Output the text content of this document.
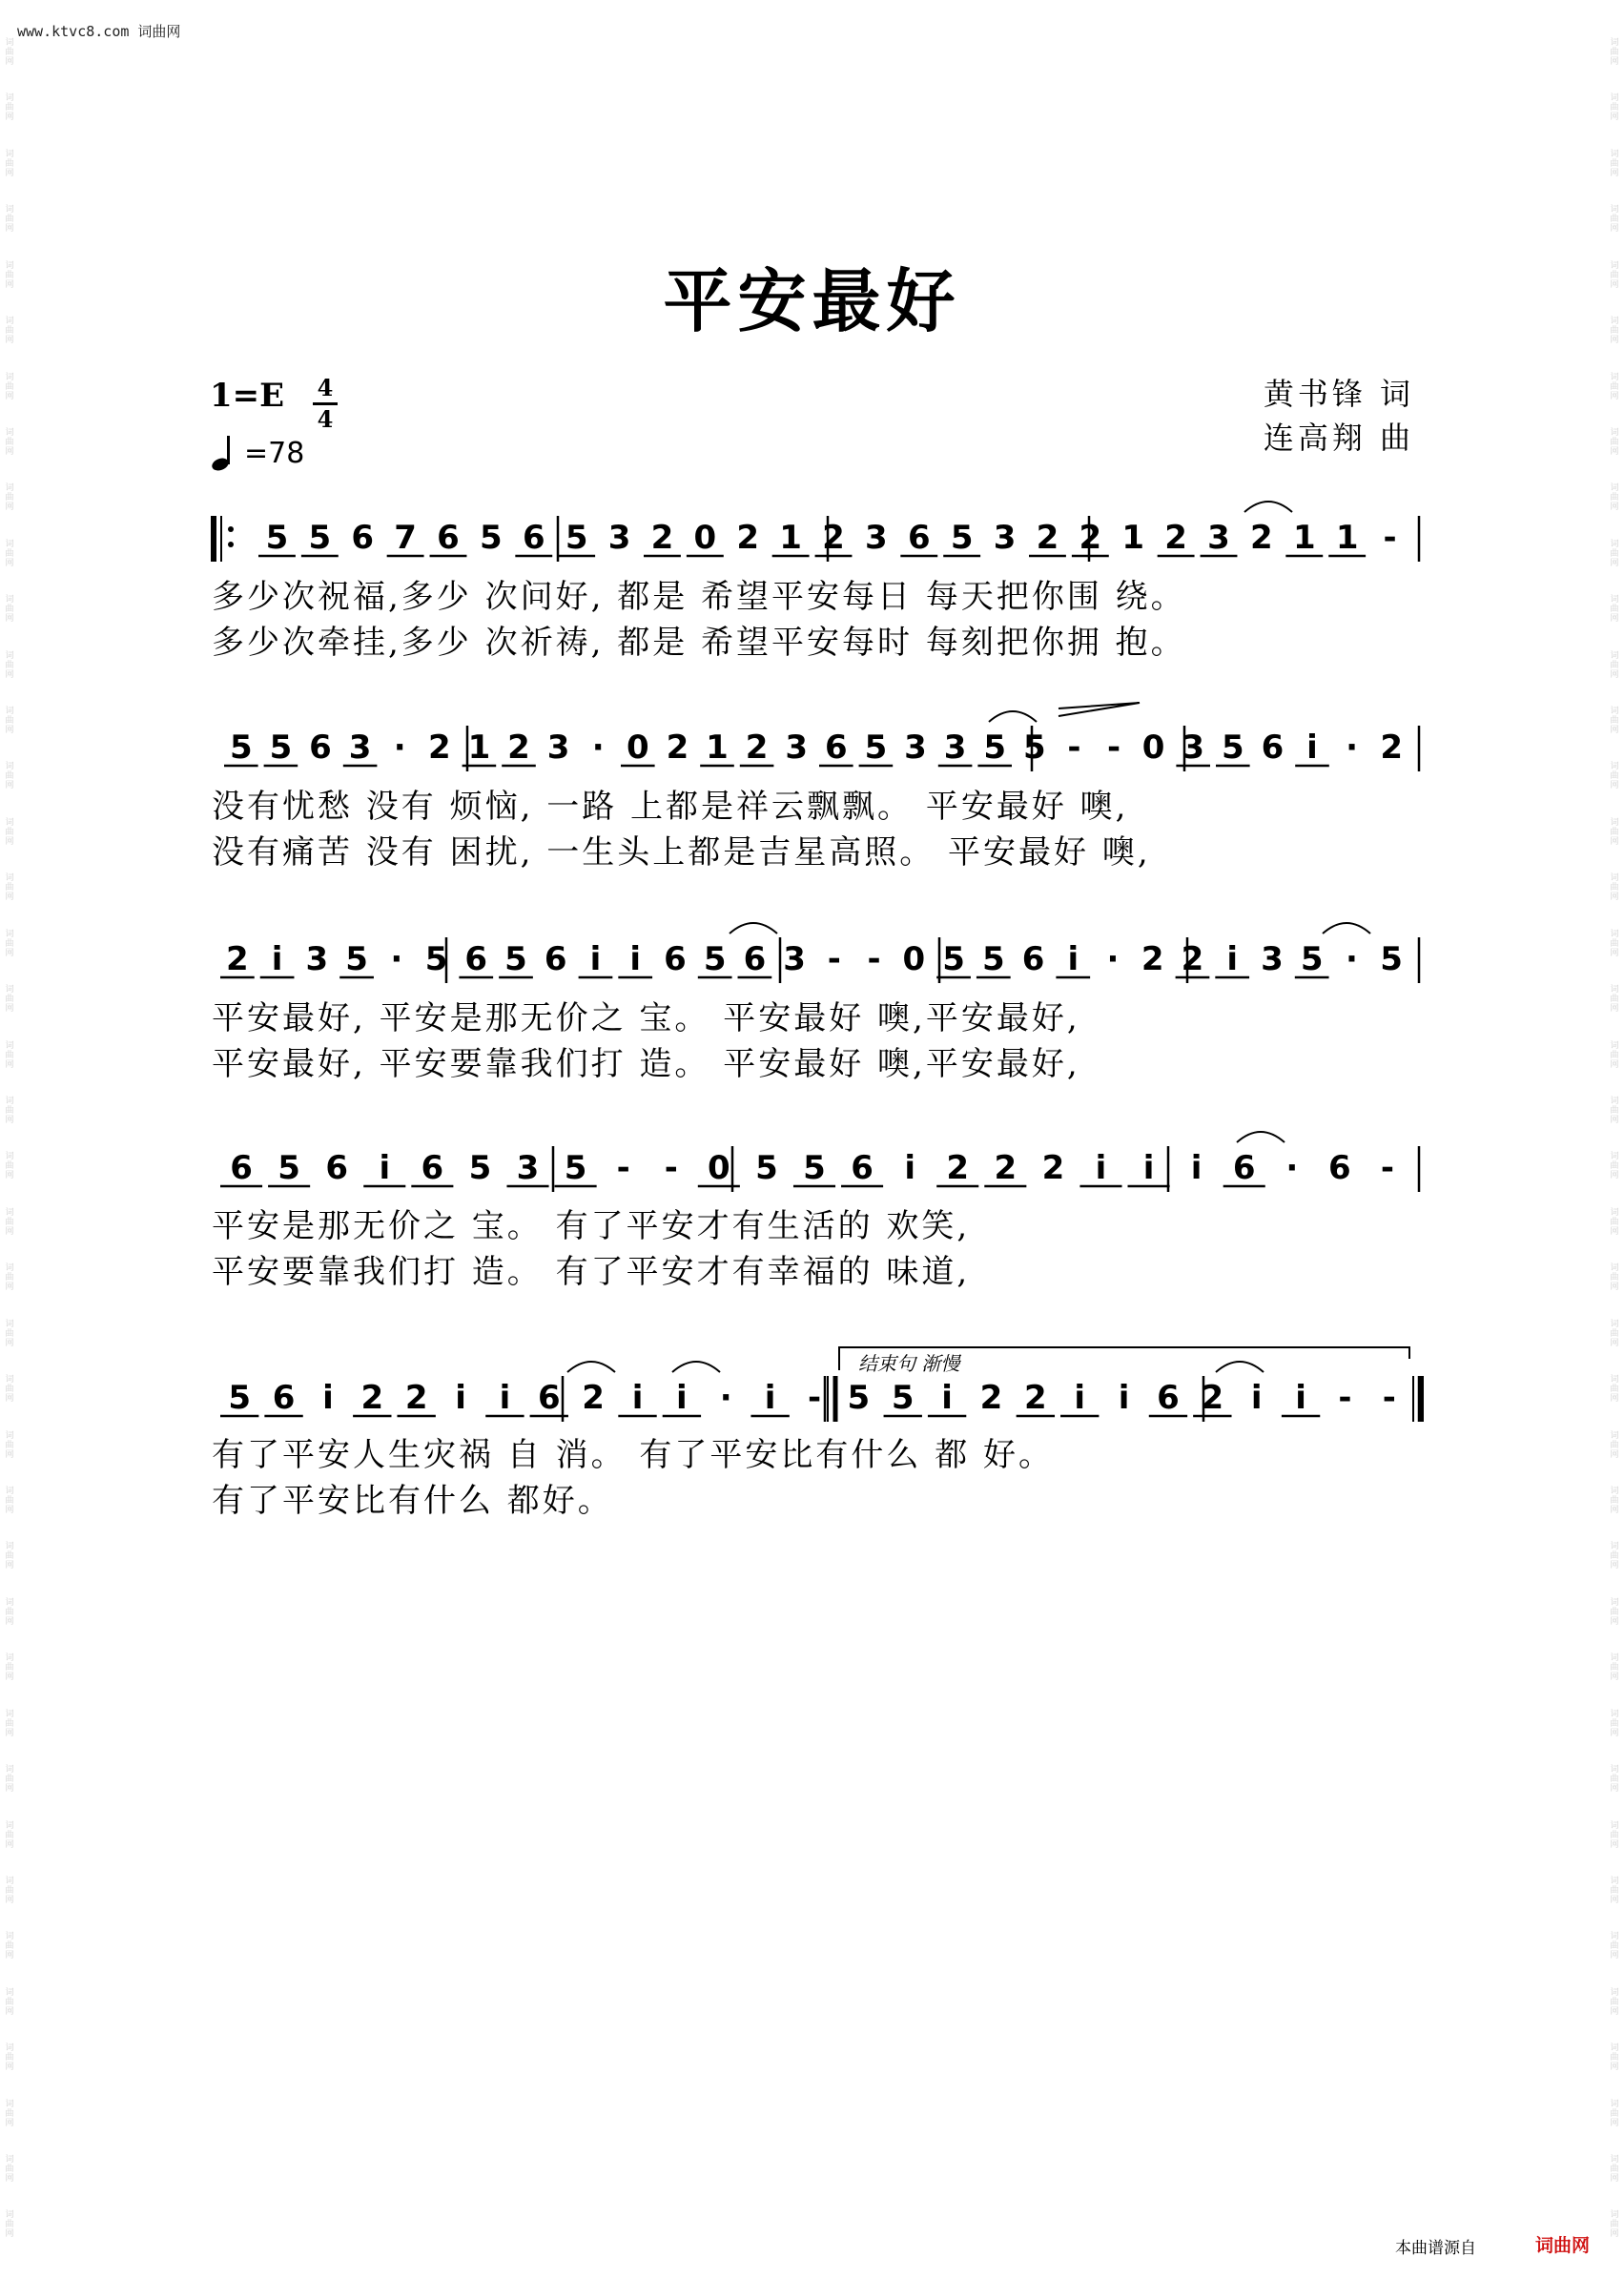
www.ktvc8.com 词曲网
词曲网
词曲网
词曲网
词曲网
词曲网
词曲网
词曲网
词曲网
词曲网
词曲网
词曲网
词曲网
词曲网
词曲网
词曲网
词曲网
词曲网
词曲网
词曲网
词曲网
词曲网
词曲网
词曲网
词曲网
词曲网
词曲网
词曲网
词曲网
词曲网
词曲网
词曲网
词曲网
词曲网
词曲网
词曲网
词曲网
词曲网
词曲网
词曲网
词曲网
词曲网
词曲网
词曲网
词曲网
词曲网
词曲网
词曲网
词曲网
词曲网
词曲网
词曲网
词曲网
词曲网
词曲网
词曲网
词曲网
词曲网
词曲网
词曲网
词曲网
词曲网
词曲网
词曲网
词曲网
词曲网
词曲网
词曲网
词曲网
词曲网
词曲网
词曲网
词曲网
词曲网
词曲网
词曲网
词曲网
词曲网
词曲网
词曲网
词曲网
平安最好
1=E 4
4
=78
黄书锋 词
连高翔 曲
5 5 6 7 6 5 6 5 3 2 0 2 1 2 3 6 5 3 2 2 1 2 3 2 1 1 -
5 5 6 3 · 2 1 2 3 · 0 2 1 2 3 6 5 3 3 5 5 - - 0 3 5 6 i · 2
2 i 3 5 · 5 6 5 6 i i 6 5 6 3 - - 0 5 5 6 i · 2 2 i 3 5 · 5
6 5 6 i 6 5 3 5 - - 0 5 5 6 i 2 2 2 i i i 6 · 6 -
5 6 i 2 2 i i 6 2 i i · i - 5 5 i 2 2 i i 6 2 i i - -
结束句 渐慢
多少次祝福,多少 次问好, 都是 希望平安每日 每天把你围 绕。
多少次牵挂,多少 次祈祷, 都是 希望平安每时 每刻把你拥 抱。
没有忧愁 没有 烦恼, 一路 上都是祥云飘飘。 平安最好 噢,
没有痛苦 没有 困扰, 一生头上都是吉星高照。 平安最好 噢,
平安最好, 平安是那无价之 宝。 平安最好 噢,平安最好,
平安最好, 平安要靠我们打 造。 平安最好 噢,平安最好,
平安是那无价之 宝。 有了平安才有生活的 欢笑,
平安要靠我们打 造。 有了平安才有幸福的 味道,
有了平安人生灾祸 自 消。 有了平安比有什么 都 好。
有了平安比有什么 都好。
本曲谱源自	词曲网
